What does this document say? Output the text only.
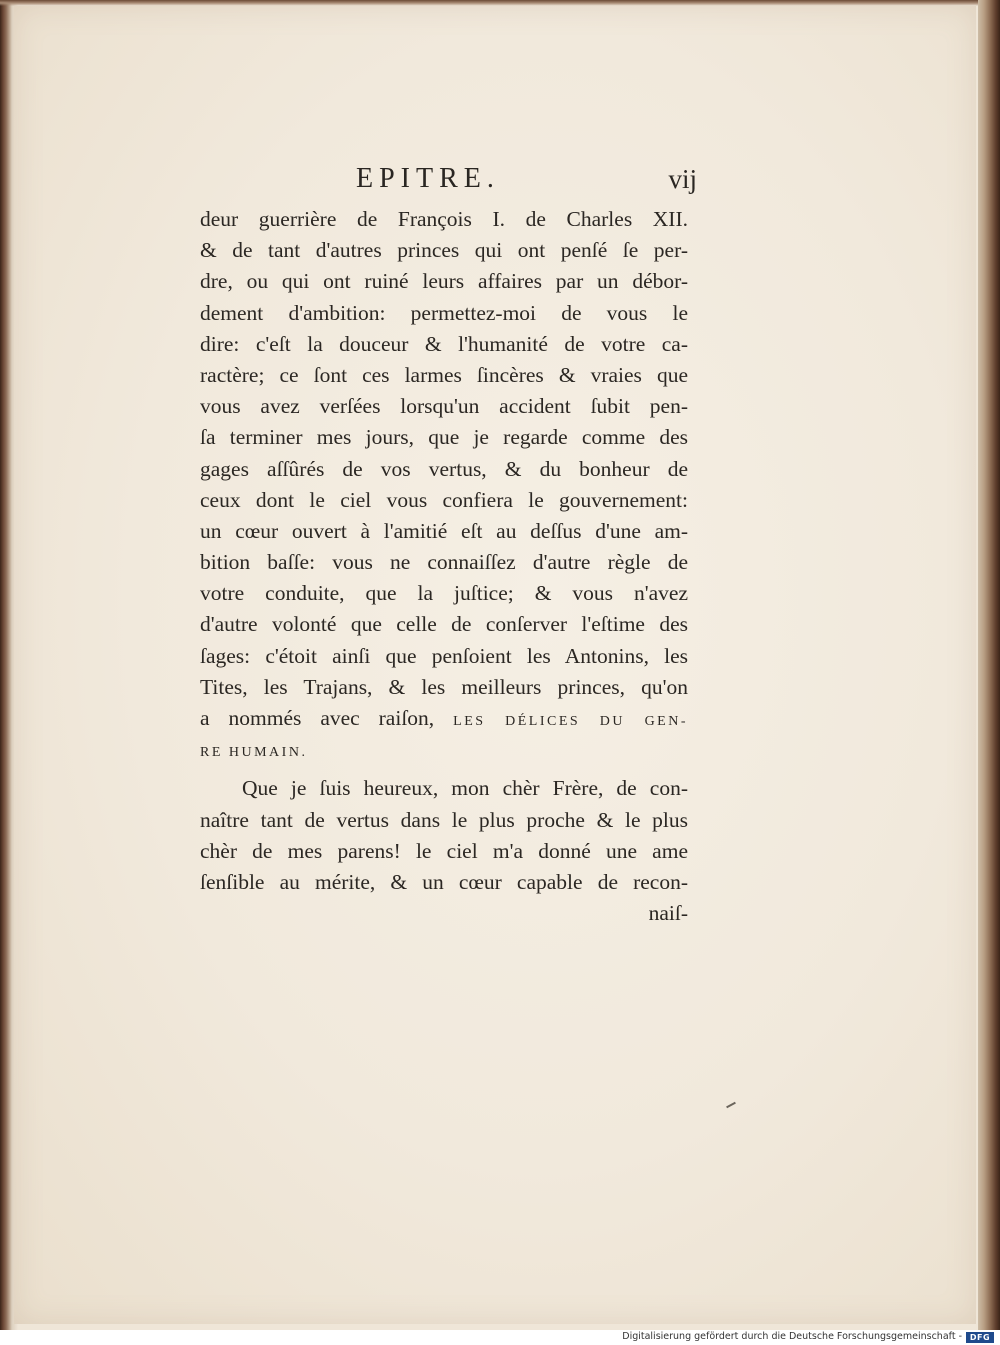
EPITRE.	vij
deur guerrière de François I. de Charles XII.
& de tant d'autres princes qui ont penſé ſe per-
dre, ou qui ont ruiné leurs affaires par un débor-
dement d'ambition: permettez-moi de vous le
dire: c'eſt la douceur & l'humanité de votre ca-
ractère; ce ſont ces larmes ſincères & vraies que
vous avez verſées lorsqu'un accident ſubit pen-
ſa terminer mes jours, que je regarde comme des
gages aſſûrés de vos vertus, & du bonheur de
ceux dont le ciel vous confiera le gouvernement:
un cœur ouvert à l'amitié eſt au deſſus d'une am-
bition baſſe: vous ne connaiſſez d'autre règle de
votre conduite, que la juſtice; & vous n'avez
d'autre volonté que celle de conſerver l'eſtime des
ſages: c'étoit ainſi que penſoient les Antonins, les
Tites, les Trajans, & les meilleurs princes, qu'on
a nommés avec raiſon, LES DÉLICES DU GEN-
RE HUMAIN.
Que je ſuis heureux, mon chèr Frère, de con-
naître tant de vertus dans le plus proche & le plus
chèr de mes parens! le ciel m'a donné une ame
ſenſible au mérite, & un cœur capable de recon-
naiſ-
Digitalisierung gefördert durch die Deutsche Forschungsgemeinschaft - DFG
